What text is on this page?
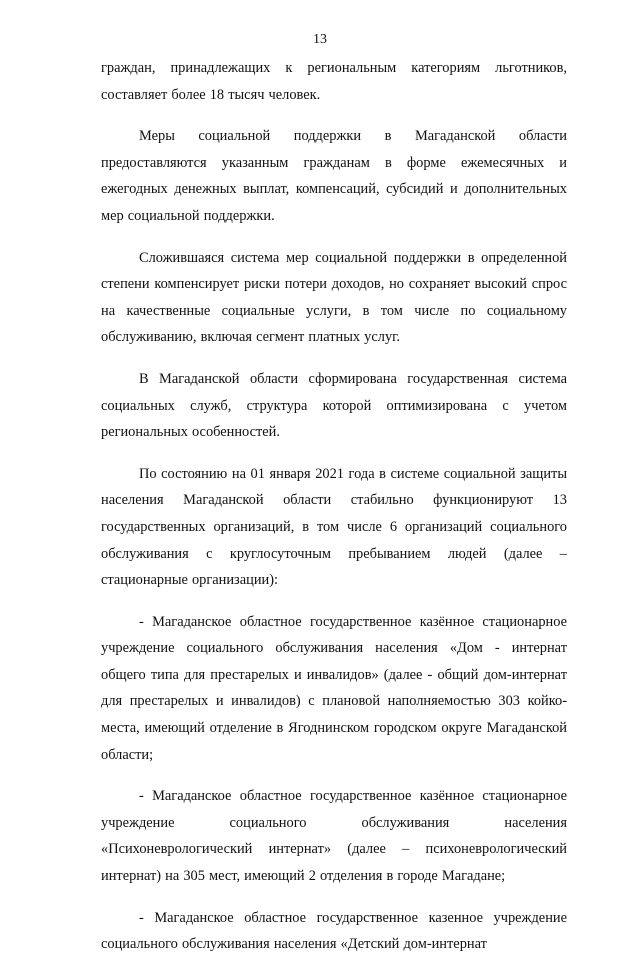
13

граждан, принадлежащих к региональным категориям льготников, составляет более 18 тысяч человек.

Меры социальной поддержки в Магаданской области предоставляются указанным гражданам в форме ежемесячных и ежегодных денежных выплат, компенсаций, субсидий и дополнительных мер социальной поддержки.

Сложившаяся система мер социальной поддержки в определенной степени компенсирует риски потери доходов, но сохраняет высокий спрос на качественные социальные услуги, в том числе по социальному обслуживанию, включая сегмент платных услуг.

В Магаданской области сформирована государственная система социальных служб, структура которой оптимизирована с учетом региональных особенностей.

По состоянию на 01 января 2021 года в системе социальной защиты населения Магаданской области стабильно функционируют 13 государственных организаций, в том числе 6 организаций социального обслуживания с круглосуточным пребыванием людей (далее – стационарные организации):

- Магаданское областное государственное казённое стационарное учреждение социального обслуживания населения «Дом - интернат общего типа для престарелых и инвалидов» (далее - общий дом-интернат для престарелых и инвалидов) с плановой наполняемостью 303 койко-места, имеющий отделение в Ягоднинском городском округе Магаданской области;

- Магаданское областное государственное казённое стационарное учреждение социального обслуживания населения «Психоневрологический интернат» (далее – психоневрологический интернат) на 305 мест, имеющий 2 отделения в городе Магадане;

- Магаданское областное государственное казенное учреждение социального обслуживания населения «Детский дом-интернат
